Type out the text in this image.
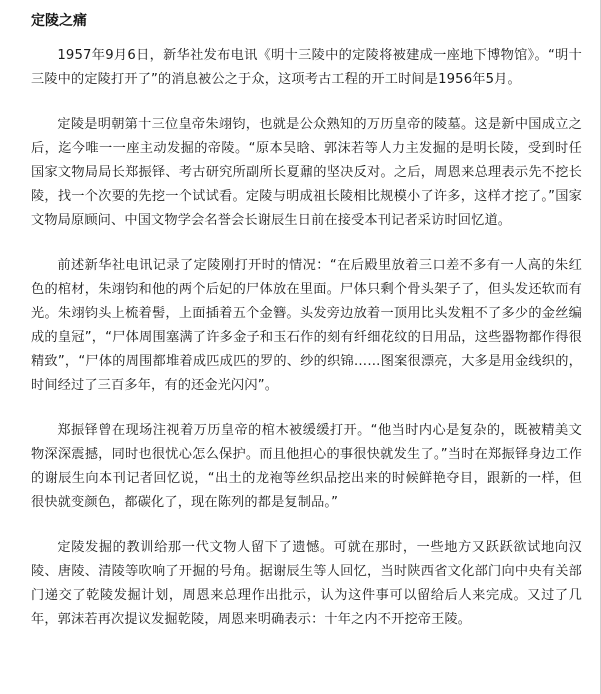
定陵之痛

1957年9月6日，新华社发布电讯《明十三陵中的定陵将被建成一座地下博物馆》。“明十三陵中的定陵打开了”的消息被公之于众，这项考古工程的开工时间是1956年5月。

定陵是明朝第十三位皇帝朱翊钧，也就是公众熟知的万历皇帝的陵墓。这是新中国成立之后，迄今唯一一座主动发掘的帝陵。“原本吴晗、郭沫若等人力主发掘的是明长陵，受到时任国家文物局局长郑振铎、考古研究所副所长夏鼐的坚决反对。之后，周恩来总理表示先不挖长陵，找一个次要的先挖一个试试看。定陵与明成祖长陵相比规模小了许多，这样才挖了。”国家文物局原顾问、中国文物学会名誉会长谢辰生日前在接受本刊记者采访时回忆道。

前述新华社电讯记录了定陵刚打开时的情况：“在后殿里放着三口差不多有一人高的朱红色的棺材，朱翊钧和他的两个后妃的尸体放在里面。尸体只剩个骨头架子了，但头发还软而有光。朱翊钧头上梳着髻，上面插着五个金簪。头发旁边放着一顶用比头发粗不了多少的金丝编成的皇冠”，“尸体周围塞满了许多金子和玉石作的刻有纤细花纹的日用品，这些器物都作得很精致”，“尸体的周围都堆着成匹成匹的罗的、纱的织锦……图案很漂亮，大多是用金线织的，时间经过了三百多年，有的还金光闪闪”。

郑振铎曾在现场注视着万历皇帝的棺木被缓缓打开。“他当时内心是复杂的，既被精美文物深深震撼，同时也很忧心怎么保护。而且他担心的事很快就发生了。”当时在郑振铎身边工作的谢辰生向本刊记者回忆说，“出土的龙袍等丝织品挖出来的时候鲜艳夺目，跟新的一样，但很快就变颜色，都碳化了，现在陈列的都是复制品。”

定陵发掘的教训给那一代文物人留下了遗憾。可就在那时，一些地方又跃跃欲试地向汉陵、唐陵、清陵等吹响了开掘的号角。据谢辰生等人回忆，当时陕西省文化部门向中央有关部门递交了乾陵发掘计划，周恩来总理作出批示，认为这件事可以留给后人来完成。又过了几年，郭沫若再次提议发掘乾陵，周恩来明确表示：十年之内不开挖帝王陵。
